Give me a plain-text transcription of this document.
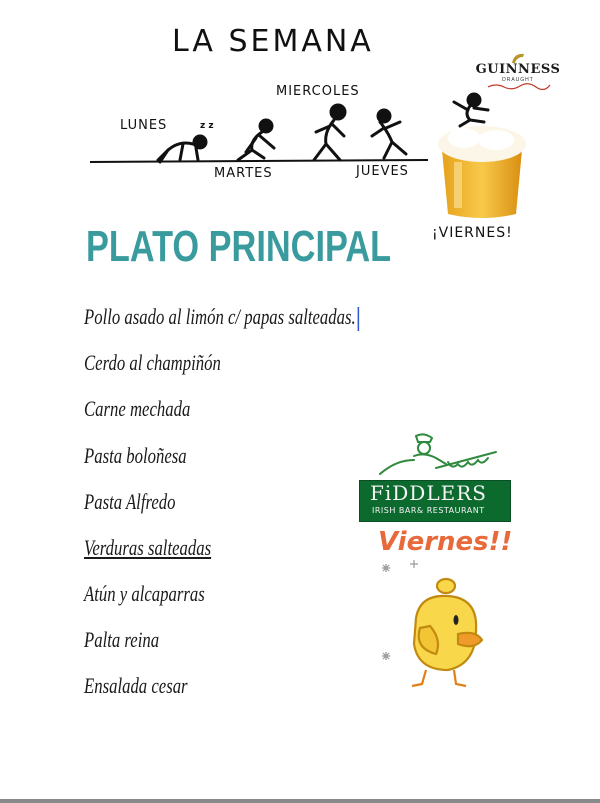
LA SEMANA
GUINNESS
DRAUGHT
z z
LUNES
MARTES
MIERCOLES
JUEVES
¡VIERNES!
PLATO PRINCIPAL
Pollo asado al limón c/ papas salteadas.
Cerdo al champiñón
Carne mechada
Pasta boloñesa
Pasta Alfredo
Verduras salteadas
Atún y alcaparras
Palta reina
Ensalada cesar
FiDDLERS
IRISH BAR& RESTAURANT
Viernes!!
